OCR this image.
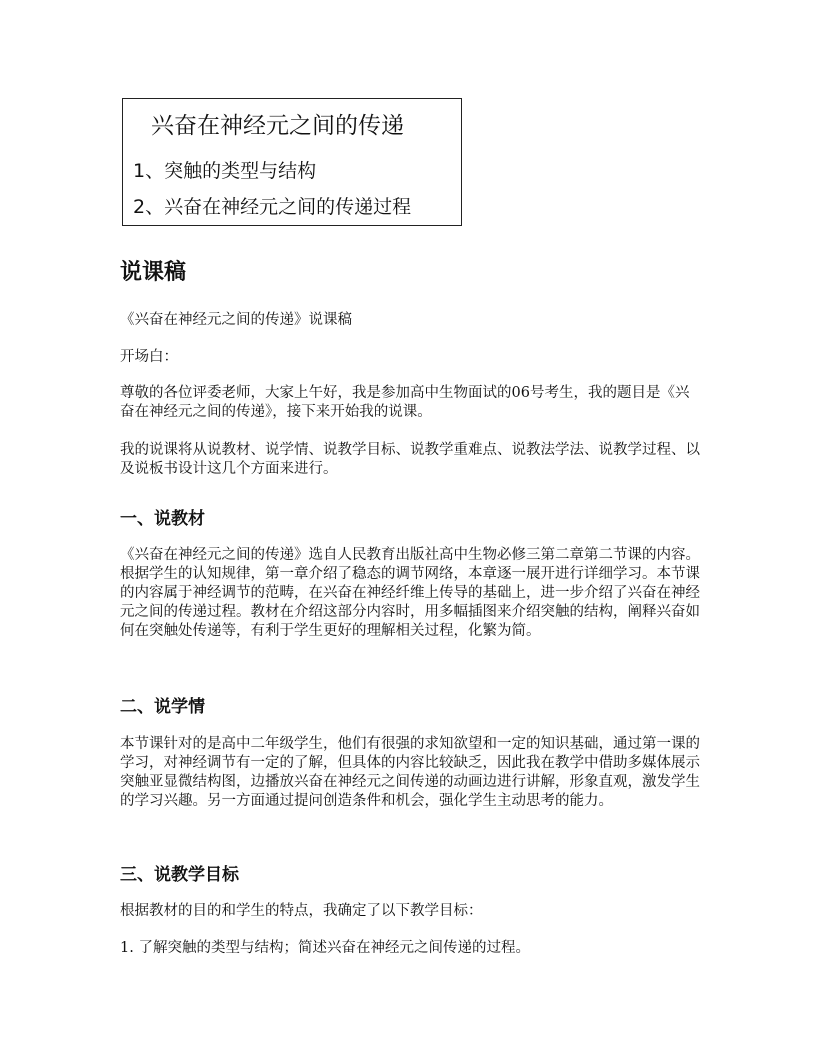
兴奋在神经元之间的传递
1、突触的类型与结构
2、兴奋在神经元之间的传递过程
说课稿

《兴奋在神经元之间的传递》说课稿

开场白：

尊敬的各位评委老师，大家上午好，我是参加高中生物面试的06号考生，我的题目是《兴奋在神经元之间的传递》，接下来开始我的说课。

我的说课将从说教材、说学情、说教学目标、说教学重难点、说教法学法、说教学过程、以及说板书设计这几个方面来进行。

一、说教材

《兴奋在神经元之间的传递》选自人民教育出版社高中生物必修三第二章第二节课的内容。根据学生的认知规律，第一章介绍了稳态的调节网络，本章逐一展开进行详细学习。本节课的内容属于神经调节的范畴，在兴奋在神经纤维上传导的基础上，进一步介绍了兴奋在神经元之间的传递过程。教材在介绍这部分内容时，用多幅插图来介绍突触的结构，阐释兴奋如何在突触处传递等，有利于学生更好的理解相关过程，化繁为简。

二、说学情

本节课针对的是高中二年级学生，他们有很强的求知欲望和一定的知识基础，通过第一课的学习，对神经调节有一定的了解，但具体的内容比较缺乏，因此我在教学中借助多媒体展示突触亚显微结构图，边播放兴奋在神经元之间传递的动画边进行讲解，形象直观，激发学生的学习兴趣。另一方面通过提问创造条件和机会，强化学生主动思考的能力。

三、说教学目标

根据教材的目的和学生的特点，我确定了以下教学目标：

1. 了解突触的类型与结构；简述兴奋在神经元之间传递的过程。
